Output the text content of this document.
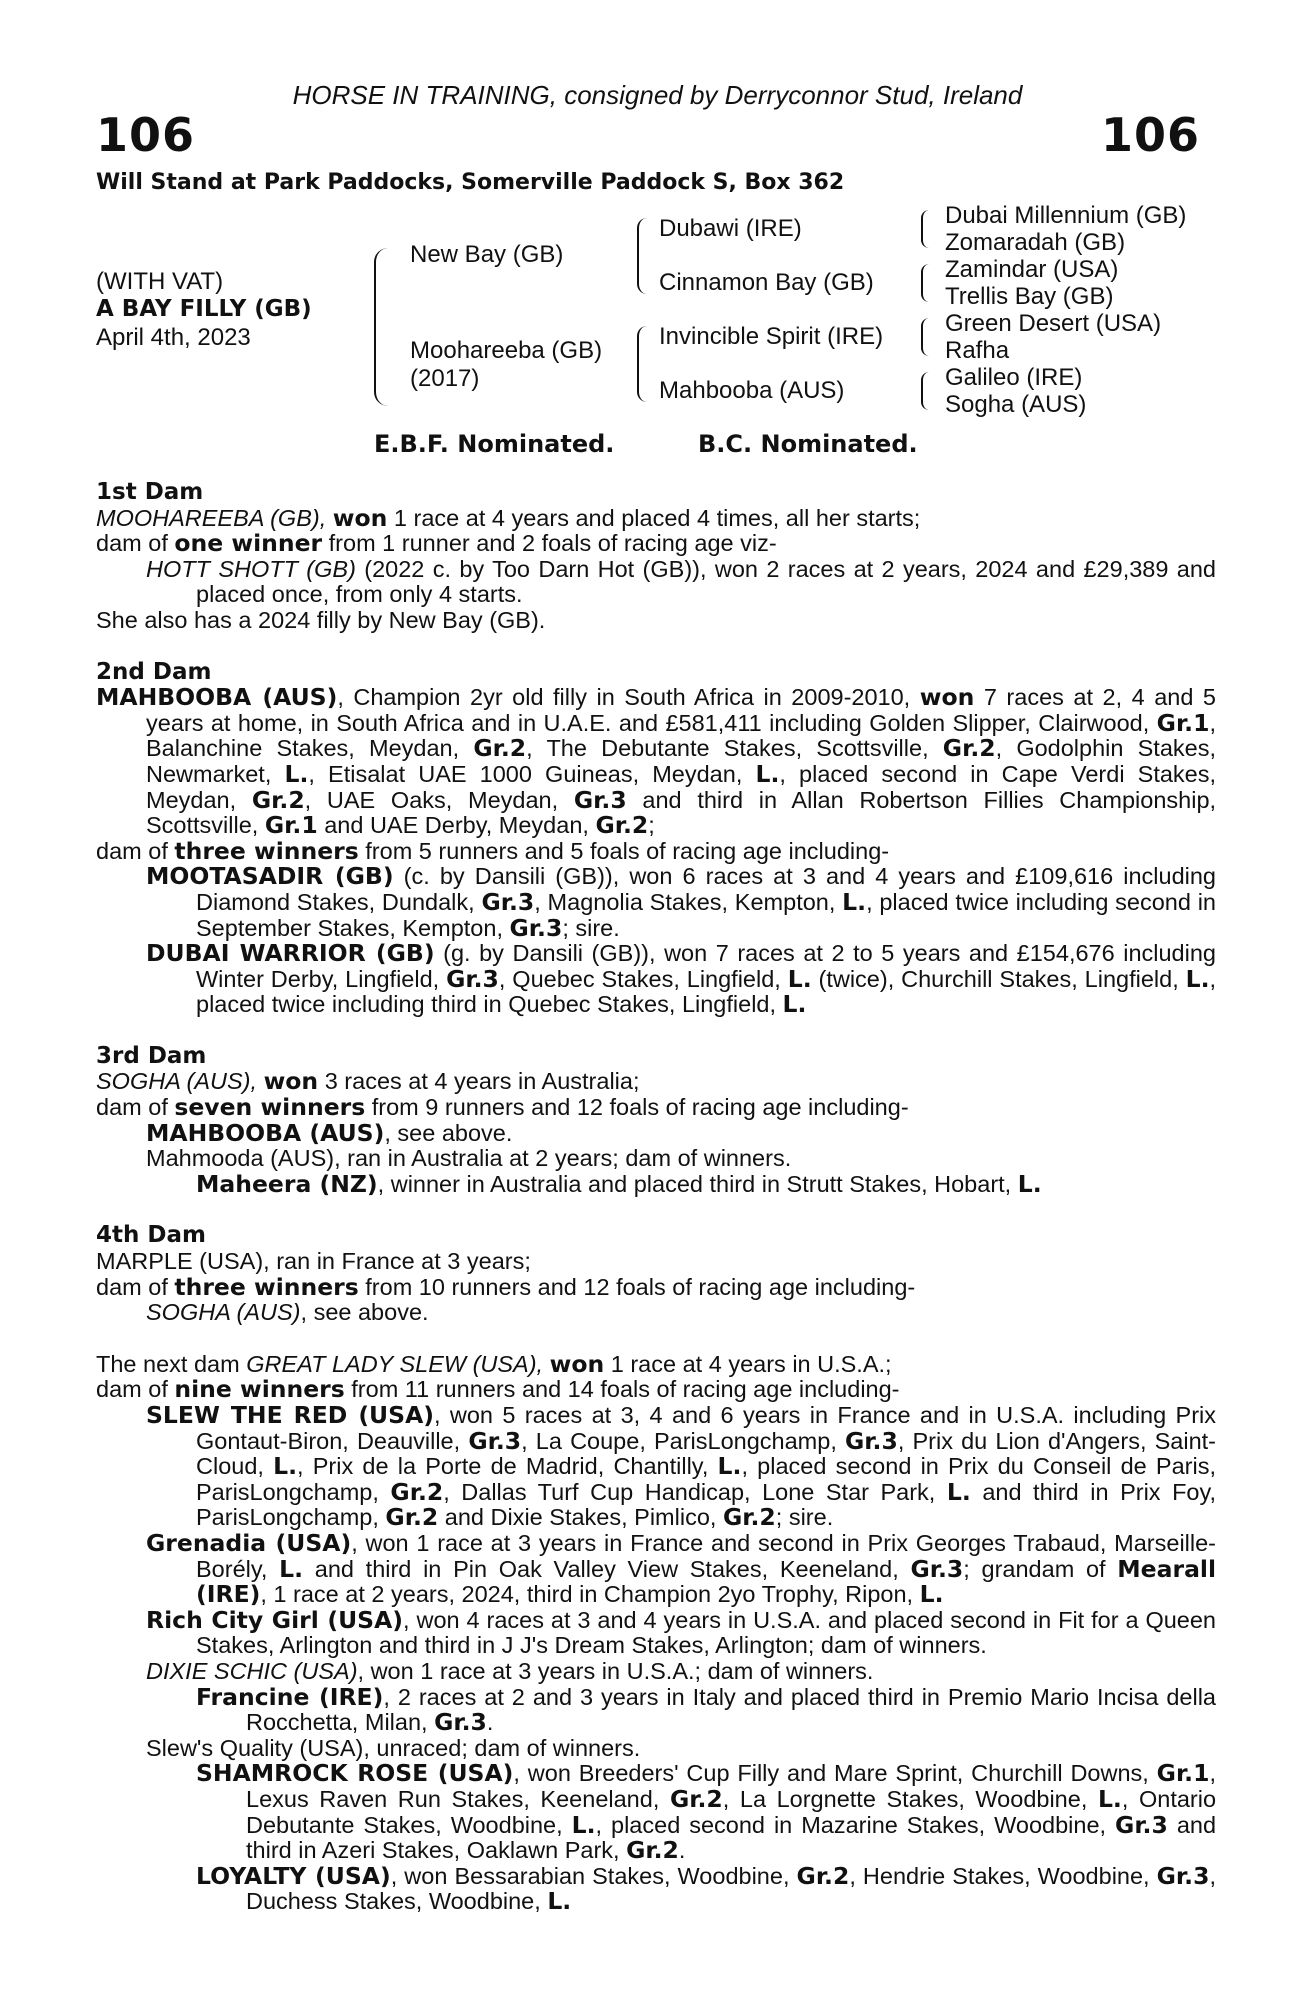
HORSE IN TRAINING, consigned by Derryconnor Stud, Ireland
106	106
Will Stand at Park Paddocks, Somerville Paddock S, Box 362
(WITH VAT)
A BAY FILLY (GB)
April 4th, 2023
New Bay (GB)
Moohareeba (GB)
(2017)
Dubawi (IRE)
Cinnamon Bay (GB)
Invincible Spirit (IRE)
Mahbooba (AUS)
Dubai Millennium (GB)
Zomaradah (GB)
Zamindar (USA)
Trellis Bay (GB)
Green Desert (USA)
Rafha
Galileo (IRE)
Sogha (AUS)
E.B.F. Nominated.	B.C. Nominated.

1st Dam

MOOHAREEBA (GB), won 1 race at 4 years and placed 4 times, all her starts;

dam of one winner from 1 runner and 2 foals of racing age viz-

HOTT SHOTT (GB) (2022 c. by Too Darn Hot (GB)), won 2 races at 2 years, 2024 and £29,389 and placed once, from only 4 starts.

She also has a 2024 filly by New Bay (GB).

2nd Dam

MAHBOOBA (AUS), Champion 2yr old filly in South Africa in 2009-2010, won 7 races at 2, 4 and 5 years at home, in South Africa and in U.A.E. and £581,411 including Golden Slipper, Clairwood, Gr.1, Balanchine Stakes, Meydan, Gr.2, The Debutante Stakes, Scottsville, Gr.2, Godolphin Stakes, Newmarket, L., Etisalat UAE 1000 Guineas, Meydan, L., placed second in Cape Verdi Stakes, Meydan, Gr.2, UAE Oaks, Meydan, Gr.3 and third in Allan Robertson Fillies Championship, Scottsville, Gr.1 and UAE Derby, Meydan, Gr.2;

dam of three winners from 5 runners and 5 foals of racing age including-

MOOTASADIR (GB) (c. by Dansili (GB)), won 6 races at 3 and 4 years and £109,616 including Diamond Stakes, Dundalk, Gr.3, Magnolia Stakes, Kempton, L., placed twice including second in September Stakes, Kempton, Gr.3; sire.

DUBAI WARRIOR (GB) (g. by Dansili (GB)), won 7 races at 2 to 5 years and £154,676 including Winter Derby, Lingfield, Gr.3, Quebec Stakes, Lingfield, L. (twice), Churchill Stakes, Lingfield, L., placed twice including third in Quebec Stakes, Lingfield, L.

3rd Dam

SOGHA (AUS), won 3 races at 4 years in Australia;

dam of seven winners from 9 runners and 12 foals of racing age including-

MAHBOOBA (AUS), see above.

Mahmooda (AUS), ran in Australia at 2 years; dam of winners.

Maheera (NZ), winner in Australia and placed third in Strutt Stakes, Hobart, L.

4th Dam

MARPLE (USA), ran in France at 3 years;

dam of three winners from 10 runners and 12 foals of racing age including-

SOGHA (AUS), see above.

The next dam GREAT LADY SLEW (USA), won 1 race at 4 years in U.S.A.;

dam of nine winners from 11 runners and 14 foals of racing age including-

SLEW THE RED (USA), won 5 races at 3, 4 and 6 years in France and in U.S.A. including Prix Gontaut-Biron, Deauville, Gr.3, La Coupe, ParisLongchamp, Gr.3, Prix du Lion d'Angers, Saint-Cloud, L., Prix de la Porte de Madrid, Chantilly, L., placed second in Prix du Conseil de Paris, ParisLongchamp, Gr.2, Dallas Turf Cup Handicap, Lone Star Park, L. and third in Prix Foy, ParisLongchamp, Gr.2 and Dixie Stakes, Pimlico, Gr.2; sire.

Grenadia (USA), won 1 race at 3 years in France and second in Prix Georges Trabaud, Marseille-Borély, L. and third in Pin Oak Valley View Stakes, Keeneland, Gr.3; grandam of Mearall (IRE), 1 race at 2 years, 2024, third in Champion 2yo Trophy, Ripon, L.

Rich City Girl (USA), won 4 races at 3 and 4 years in U.S.A. and placed second in Fit for a Queen Stakes, Arlington and third in J J's Dream Stakes, Arlington; dam of winners.

DIXIE SCHIC (USA), won 1 race at 3 years in U.S.A.; dam of winners.

Francine (IRE), 2 races at 2 and 3 years in Italy and placed third in Premio Mario Incisa della Rocchetta, Milan, Gr.3.

Slew's Quality (USA), unraced; dam of winners.

SHAMROCK ROSE (USA), won Breeders' Cup Filly and Mare Sprint, Churchill Downs, Gr.1, Lexus Raven Run Stakes, Keeneland, Gr.2, La Lorgnette Stakes, Woodbine, L., Ontario Debutante Stakes, Woodbine, L., placed second in Mazarine Stakes, Woodbine, Gr.3 and third in Azeri Stakes, Oaklawn Park, Gr.2.

LOYALTY (USA), won Bessarabian Stakes, Woodbine, Gr.2, Hendrie Stakes, Woodbine, Gr.3, Duchess Stakes, Woodbine, L.
